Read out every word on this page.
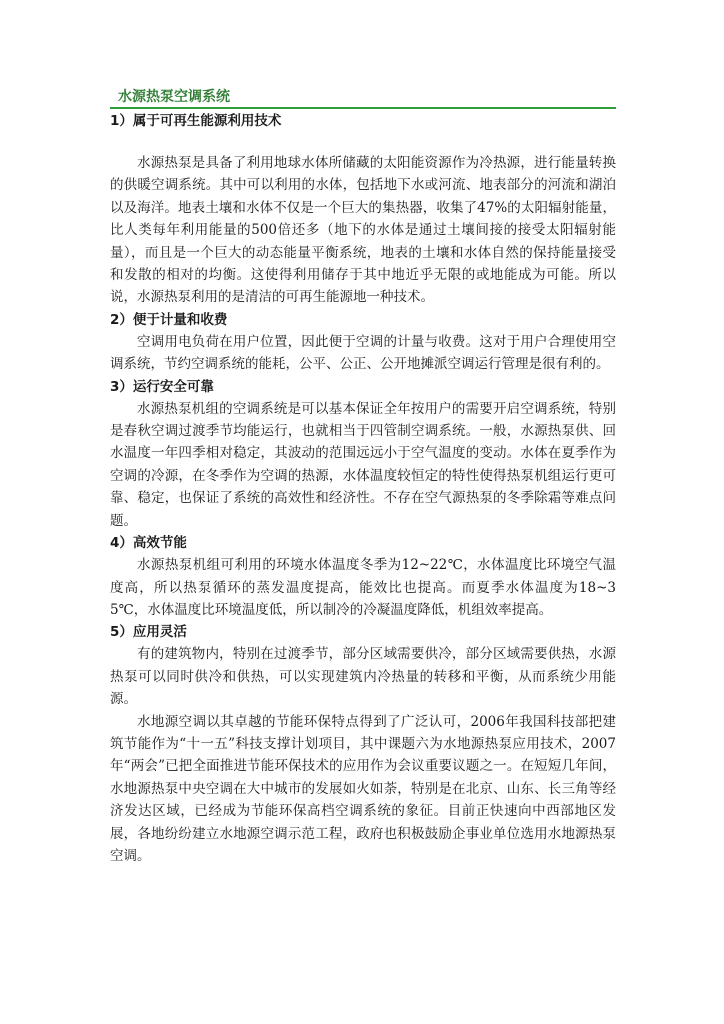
水源热泵空调系统
1）属于可再生能源利用技术

水源热泵是具备了利用地球水体所储藏的太阳能资源作为冷热源，进行能量转换的供暖空调系统。其中可以利用的水体，包括地下水或河流、地表部分的河流和湖泊以及海洋。地表土壤和水体不仅是一个巨大的集热器，收集了47%的太阳辐射能量，比人类每年利用能量的500倍还多（地下的水体是通过土壤间接的接受太阳辐射能量），而且是一个巨大的动态能量平衡系统，地表的土壤和水体自然的保持能量接受和发散的相对的均衡。这使得利用储存于其中地近乎无限的或地能成为可能。所以说，水源热泵利用的是清洁的可再生能源地一种技术。

2）便于计量和收费

空调用电负荷在用户位置，因此便于空调的计量与收费。这对于用户合理使用空调系统，节约空调系统的能耗，公平、公正、公开地摊派空调运行管理是很有利的。

3）运行安全可靠

水源热泵机组的空调系统是可以基本保证全年按用户的需要开启空调系统，特别是春秋空调过渡季节均能运行，也就相当于四管制空调系统。一般，水源热泵供、回水温度一年四季相对稳定，其波动的范围远远小于空气温度的变动。水体在夏季作为空调的冷源，在冬季作为空调的热源，水体温度较恒定的特性使得热泵机组运行更可靠、稳定，也保证了系统的高效性和经济性。不存在空气源热泵的冬季除霜等难点问题。

4）高效节能

水源热泵机组可利用的环境水体温度冬季为12~22℃，水体温度比环境空气温度高，所以热泵循环的蒸发温度提高，能效比也提高。而夏季水体温度为18~35℃，水体温度比环境温度低，所以制冷的冷凝温度降低，机组效率提高。

5）应用灵活

有的建筑物内，特别在过渡季节，部分区域需要供冷，部分区域需要供热，水源热泵可以同时供冷和供热，可以实现建筑内冷热量的转移和平衡，从而系统少用能源。

水地源空调以其卓越的节能环保特点得到了广泛认可，2006年我国科技部把建筑节能作为“十一五”科技支撑计划项目，其中课题六为水地源热泵应用技术，2007年“两会”已把全面推进节能环保技术的应用作为会议重要议题之一。在短短几年间，水地源热泵中央空调在大中城市的发展如火如荼，特别是在北京、山东、长三角等经济发达区域，已经成为节能环保高档空调系统的象征。目前正快速向中西部地区发展，各地纷纷建立水地源空调示范工程，政府也积极鼓励企事业单位选用水地源热泵空调。
